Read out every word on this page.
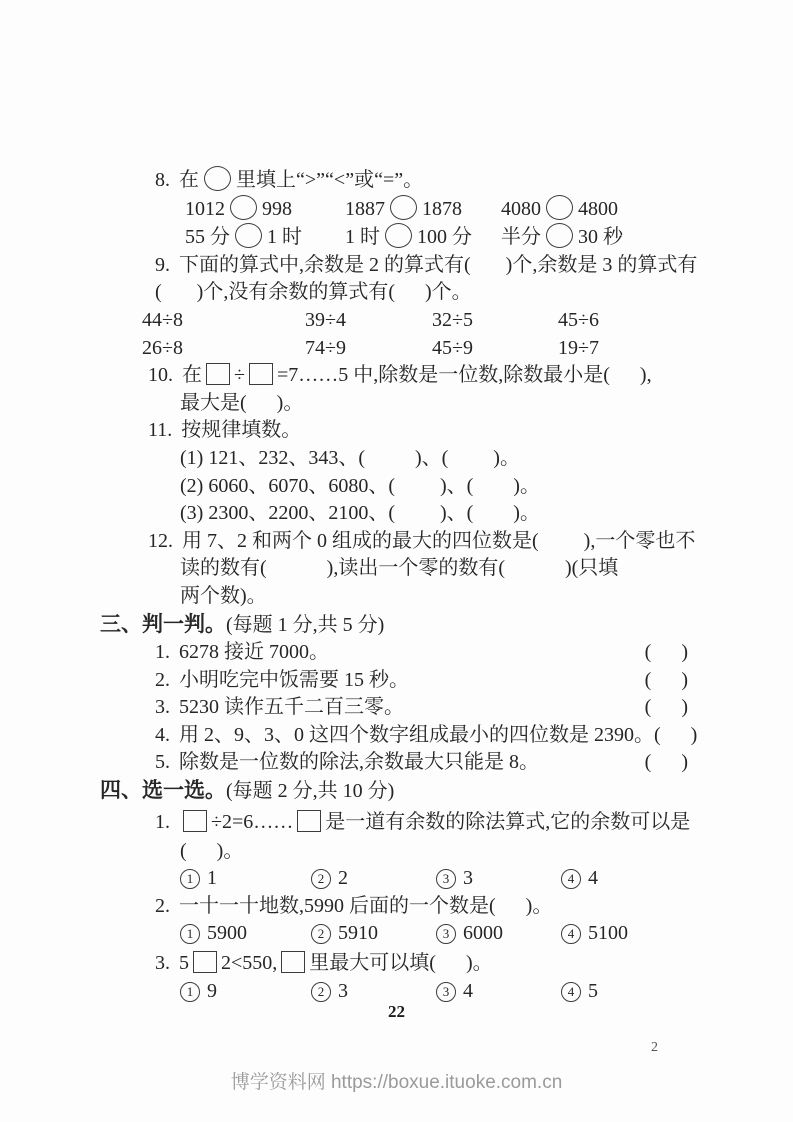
8. 在 里填上“>”“<”或“=”。
1012 998	1887 1878	4080 4800
55 分 1 时	1 时 100 分	半分 30 秒
9. 下面的算式中,余数是 2 的算式有(       )个,余数是 3 的算式有
(       )个,没有余数的算式有(      )个。
44÷8	39÷4	32÷5	45÷6
26÷8	74÷9	45÷9	19÷7
10. 在 ÷ =7……5 中,除数是一位数,除数最小是(      ),
最大是(      )。
11. 按规律填数。
(1) 121、232、343、(          )、(         )。
(2) 6060、6070、6080、(         )、(        )。
(3) 2300、2200、2100、(         )、(        )。
12. 用 7、2 和两个 0 组成的最大的四位数是(         ),一个零也不
读的数有(            ),读出一个零的数有(            )(只填
两个数)。
三、判一判。(每题 1 分,共 5 分)
1. 6278 接近 7000。	(      )
2. 小明吃完中饭需要 15 秒。	(      )
3. 5230 读作五千二百三零。	(      )
4. 用 2、9、3、0 这四个数字组成最小的四位数是 2390。 (      )
5. 除数是一位数的除法,余数最大只能是 8。	(      )
四、选一选。(每题 2 分,共 10 分)
1. ÷2=6…… 是一道有余数的除法算式,它的余数可以是
(      )。
1 1	2 2	3 3	4 4
2. 一十一十地数,5990 后面的一个数是(      )。
1 5900	2 5910	3 6000	4 5100
3. 5 2<550, 里最大可以填(      )。
1 9	2 3	3 4	4 5
22
2
博学资料网 https://boxue.ituoke.com.cn
